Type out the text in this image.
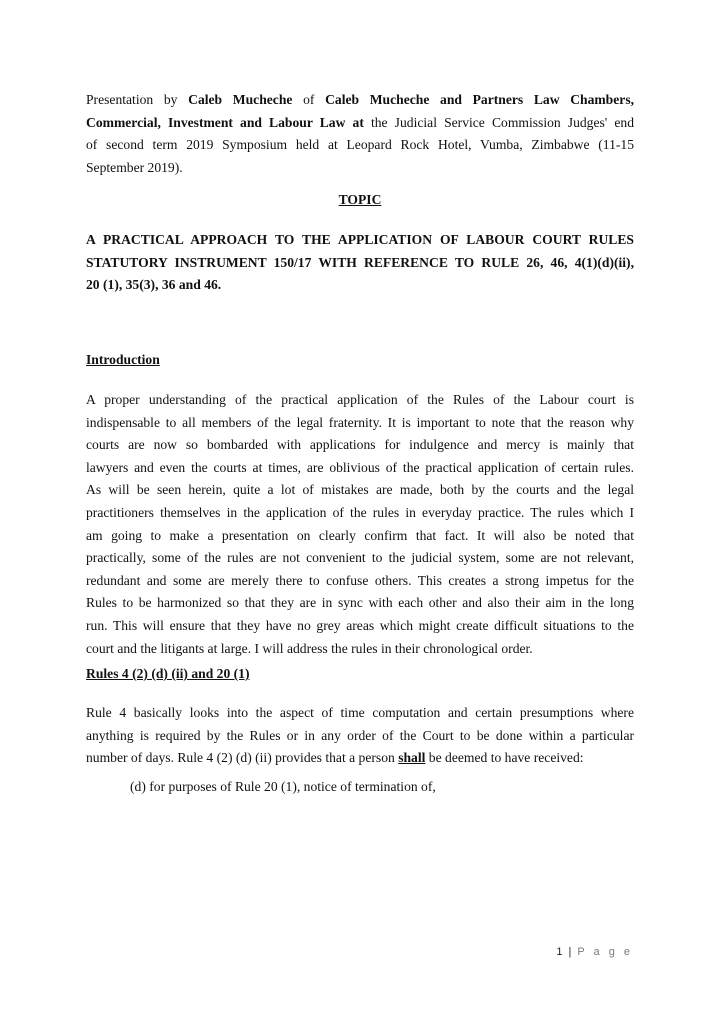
Presentation by Caleb Mucheche of Caleb Mucheche and Partners Law Chambers,
Commercial, Investment and Labour Law at the Judicial Service Commission Judges' end
of second term 2019 Symposium held at Leopard Rock Hotel, Vumba, Zimbabwe (11-15
September 2019).
TOPIC
A PRACTICAL APPROACH TO THE APPLICATION OF LABOUR COURT RULES
STATUTORY INSTRUMENT 150/17 WITH REFERENCE TO RULE 26, 46, 4(1)(d)(ii),
20 (1), 35(3), 36 and 46.
Introduction
A proper understanding of the practical application of the Rules of the Labour court is
indispensable to all members of the legal fraternity. It is important to note that the reason why
courts are now so bombarded with applications for indulgence and mercy is mainly that
lawyers and even the courts at times, are oblivious of the practical application of certain rules.
As will be seen herein, quite a lot of mistakes are made, both by the courts and the legal
practitioners themselves in the application of the rules in everyday practice. The rules which I
am going to make a presentation on clearly confirm that fact. It will also be noted that
practically, some of the rules are not convenient to the judicial system, some are not relevant,
redundant and some are merely there to confuse others. This creates a strong impetus for the
Rules to be harmonized so that they are in sync with each other and also their aim in the long
run. This will ensure that they have no grey areas which might create difficult situations to the
court and the litigants at large. I will address the rules in their chronological order.
Rules 4 (2) (d) (ii) and 20 (1)
Rule 4 basically looks into the aspect of time computation and certain presumptions where
anything is required by the Rules or in any order of the Court to be done within a particular
number of days. Rule 4 (2) (d) (ii) provides that a person shall be deemed to have received:
(d) for purposes of Rule 20 (1), notice of termination of,
1 | P a g e
